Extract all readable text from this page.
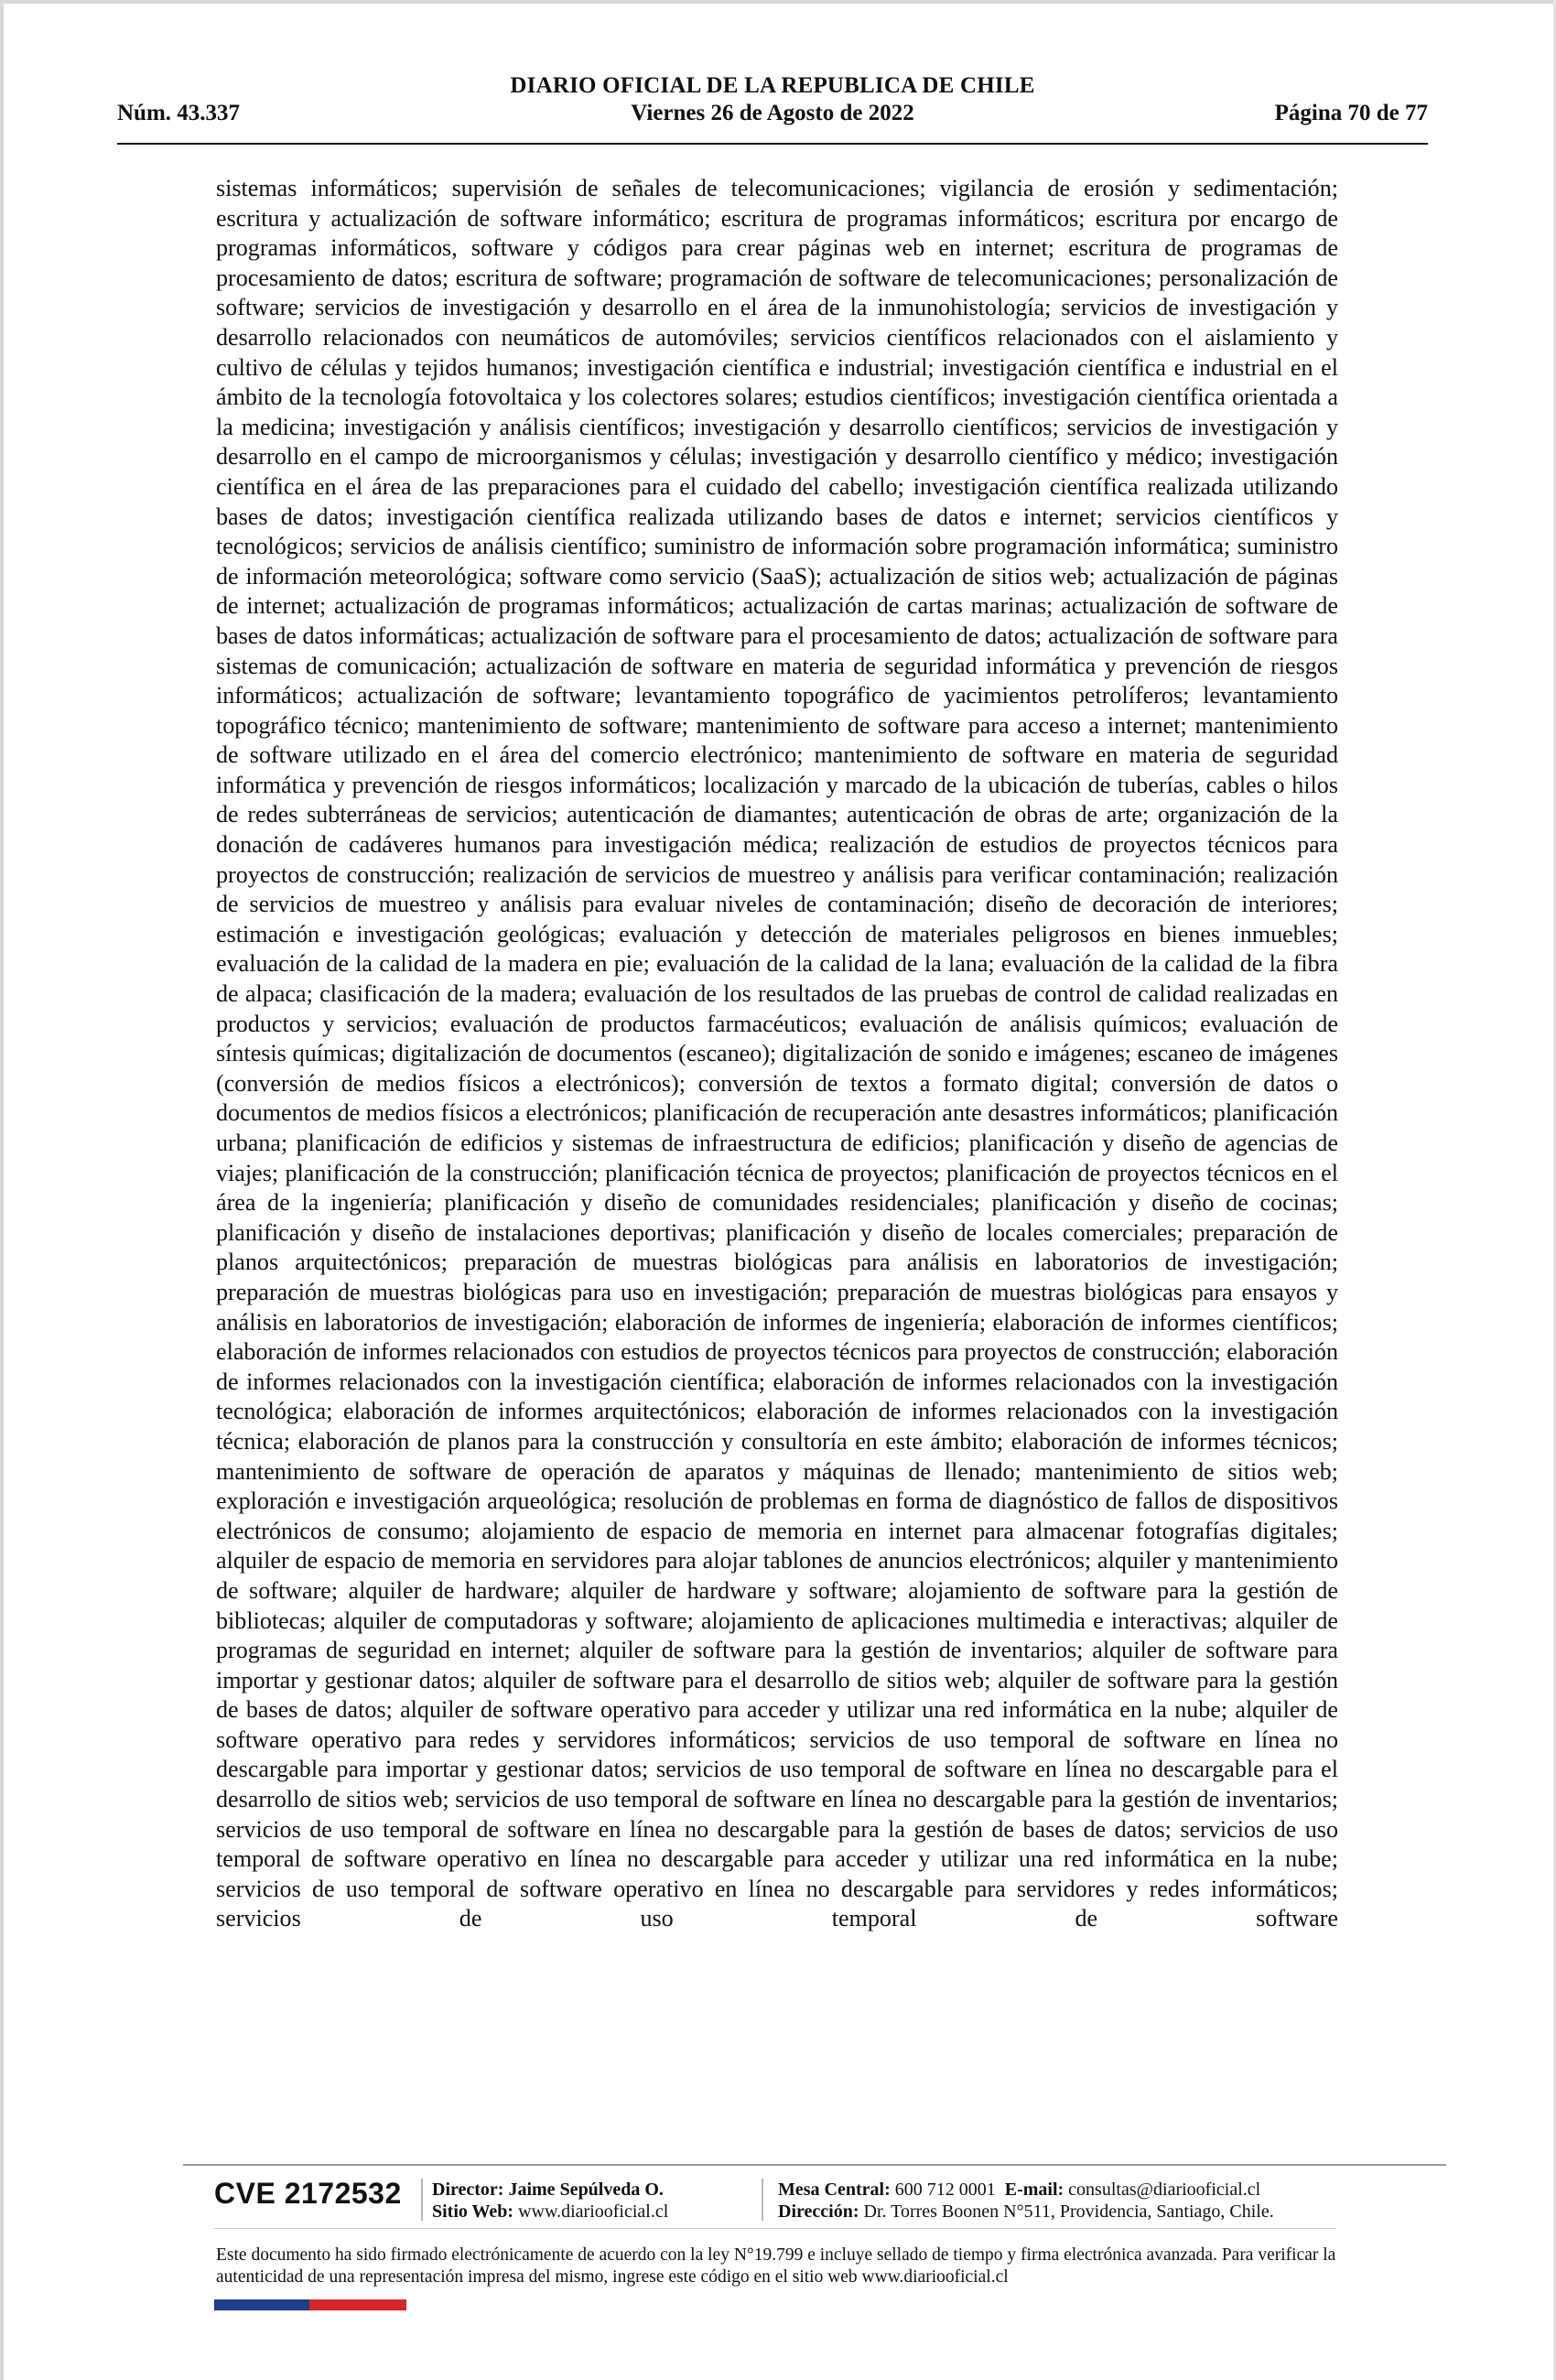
DIARIO OFICIAL DE LA REPUBLICA DE CHILE
Núm. 43.337	Viernes 26 de Agosto de 2022	Página 70 de 77
sistemas informáticos; supervisión de señales de telecomunicaciones; vigilancia de erosión y sedimentación; escritura y actualización de software informático; escritura de programas informáticos; escritura por encargo de programas informáticos, software y códigos para crear páginas web en internet; escritura de programas de procesamiento de datos; escritura de software; programación de software de telecomunicaciones; personalización de software; servicios de investigación y desarrollo en el área de la inmunohistología; servicios de investigación y desarrollo relacionados con neumáticos de automóviles; servicios científicos relacionados con el aislamiento y cultivo de células y tejidos humanos; investigación científica e industrial; investigación científica e industrial en el ámbito de la tecnología fotovoltaica y los colectores solares; estudios científicos; investigación científica orientada a la medicina; investigación y análisis científicos; investigación y desarrollo científicos; servicios de investigación y desarrollo en el campo de microorganismos y células; investigación y desarrollo científico y médico; investigación científica en el área de las preparaciones para el cuidado del cabello; investigación científica realizada utilizando bases de datos; investigación científica realizada utilizando bases de datos e internet; servicios científicos y tecnológicos; servicios de análisis científico; suministro de información sobre programación informática; suministro de información meteorológica; software como servicio (SaaS); actualización de sitios web; actualización de páginas de internet; actualización de programas informáticos; actualización de cartas marinas; actualización de software de bases de datos informáticas; actualización de software para el procesamiento de datos; actualización de software para sistemas de comunicación; actualización de software en materia de seguridad informática y prevención de riesgos informáticos; actualización de software; levantamiento topográfico de yacimientos petrolíferos; levantamiento topográfico técnico; mantenimiento de software; mantenimiento de software para acceso a internet; mantenimiento de software utilizado en el área del comercio electrónico; mantenimiento de software en materia de seguridad informática y prevención de riesgos informáticos; localización y marcado de la ubicación de tuberías, cables o hilos de redes subterráneas de servicios; autenticación de diamantes; autenticación de obras de arte; organización de la donación de cadáveres humanos para investigación médica; realización de estudios de proyectos técnicos para proyectos de construcción; realización de servicios de muestreo y análisis para verificar contaminación; realización de servicios de muestreo y análisis para evaluar niveles de contaminación; diseño de decoración de interiores; estimación e investigación geológicas; evaluación y detección de materiales peligrosos en bienes inmuebles; evaluación de la calidad de la madera en pie; evaluación de la calidad de la lana; evaluación de la calidad de la fibra de alpaca; clasificación de la madera; evaluación de los resultados de las pruebas de control de calidad realizadas en productos y servicios; evaluación de productos farmacéuticos; evaluación de análisis químicos; evaluación de síntesis químicas; digitalización de documentos (escaneo); digitalización de sonido e imágenes; escaneo de imágenes (conversión de medios físicos a electrónicos); conversión de textos a formato digital; conversión de datos o documentos de medios físicos a electrónicos; planificación de recuperación ante desastres informáticos; planificación urbana; planificación de edificios y sistemas de infraestructura de edificios; planificación y diseño de agencias de viajes; planificación de la construcción; planificación técnica de proyectos; planificación de proyectos técnicos en el área de la ingeniería; planificación y diseño de comunidades residenciales; planificación y diseño de cocinas; planificación y diseño de instalaciones deportivas; planificación y diseño de locales comerciales; preparación de planos arquitectónicos; preparación de muestras biológicas para análisis en laboratorios de investigación; preparación de muestras biológicas para uso en investigación; preparación de muestras biológicas para ensayos y análisis en laboratorios de investigación; elaboración de informes de ingeniería; elaboración de informes científicos; elaboración de informes relacionados con estudios de proyectos técnicos para proyectos de construcción; elaboración de informes relacionados con la investigación científica; elaboración de informes relacionados con la investigación tecnológica; elaboración de informes arquitectónicos; elaboración de informes relacionados con la investigación técnica; elaboración de planos para la construcción y consultoría en este ámbito; elaboración de informes técnicos; mantenimiento de software de operación de aparatos y máquinas de llenado; mantenimiento de sitios web; exploración e investigación arqueológica; resolución de problemas en forma de diagnóstico de fallos de dispositivos electrónicos de consumo; alojamiento de espacio de memoria en internet para almacenar fotografías digitales; alquiler de espacio de memoria en servidores para alojar tablones de anuncios electrónicos; alquiler y mantenimiento de software; alquiler de hardware; alquiler de hardware y software; alojamiento de software para la gestión de bibliotecas; alquiler de computadoras y software; alojamiento de aplicaciones multimedia e interactivas; alquiler de programas de seguridad en internet; alquiler de software para la gestión de inventarios; alquiler de software para importar y gestionar datos; alquiler de software para el desarrollo de sitios web; alquiler de software para la gestión de bases de datos; alquiler de software operativo para acceder y utilizar una red informática en la nube; alquiler de software operativo para redes y servidores informáticos; servicios de uso temporal de software en línea no descargable para importar y gestionar datos; servicios de uso temporal de software en línea no descargable para el desarrollo de sitios web; servicios de uso temporal de software en línea no descargable para la gestión de inventarios; servicios de uso temporal de software en línea no descargable para la gestión de bases de datos; servicios de uso temporal de software operativo en línea no descargable para acceder y utilizar una red informática en la nube; servicios de uso temporal de software operativo en línea no descargable para servidores y redes informáticos; servicios de uso temporal de software
CVE 2172532 Director: Jaime Sepúlveda O.
Sitio Web: www.diariooficial.cl
Mesa Central: 600 712 0001 E-mail: consultas@diariooficial.cl
Dirección: Dr. Torres Boonen N°511, Providencia, Santiago, Chile.
Este documento ha sido firmado electrónicamente de acuerdo con la ley N°19.799 e incluye sellado de tiempo y firma electrónica avanzada. Para verificar la autenticidad de una representación impresa del mismo, ingrese este código en el sitio web www.diariooficial.cl
